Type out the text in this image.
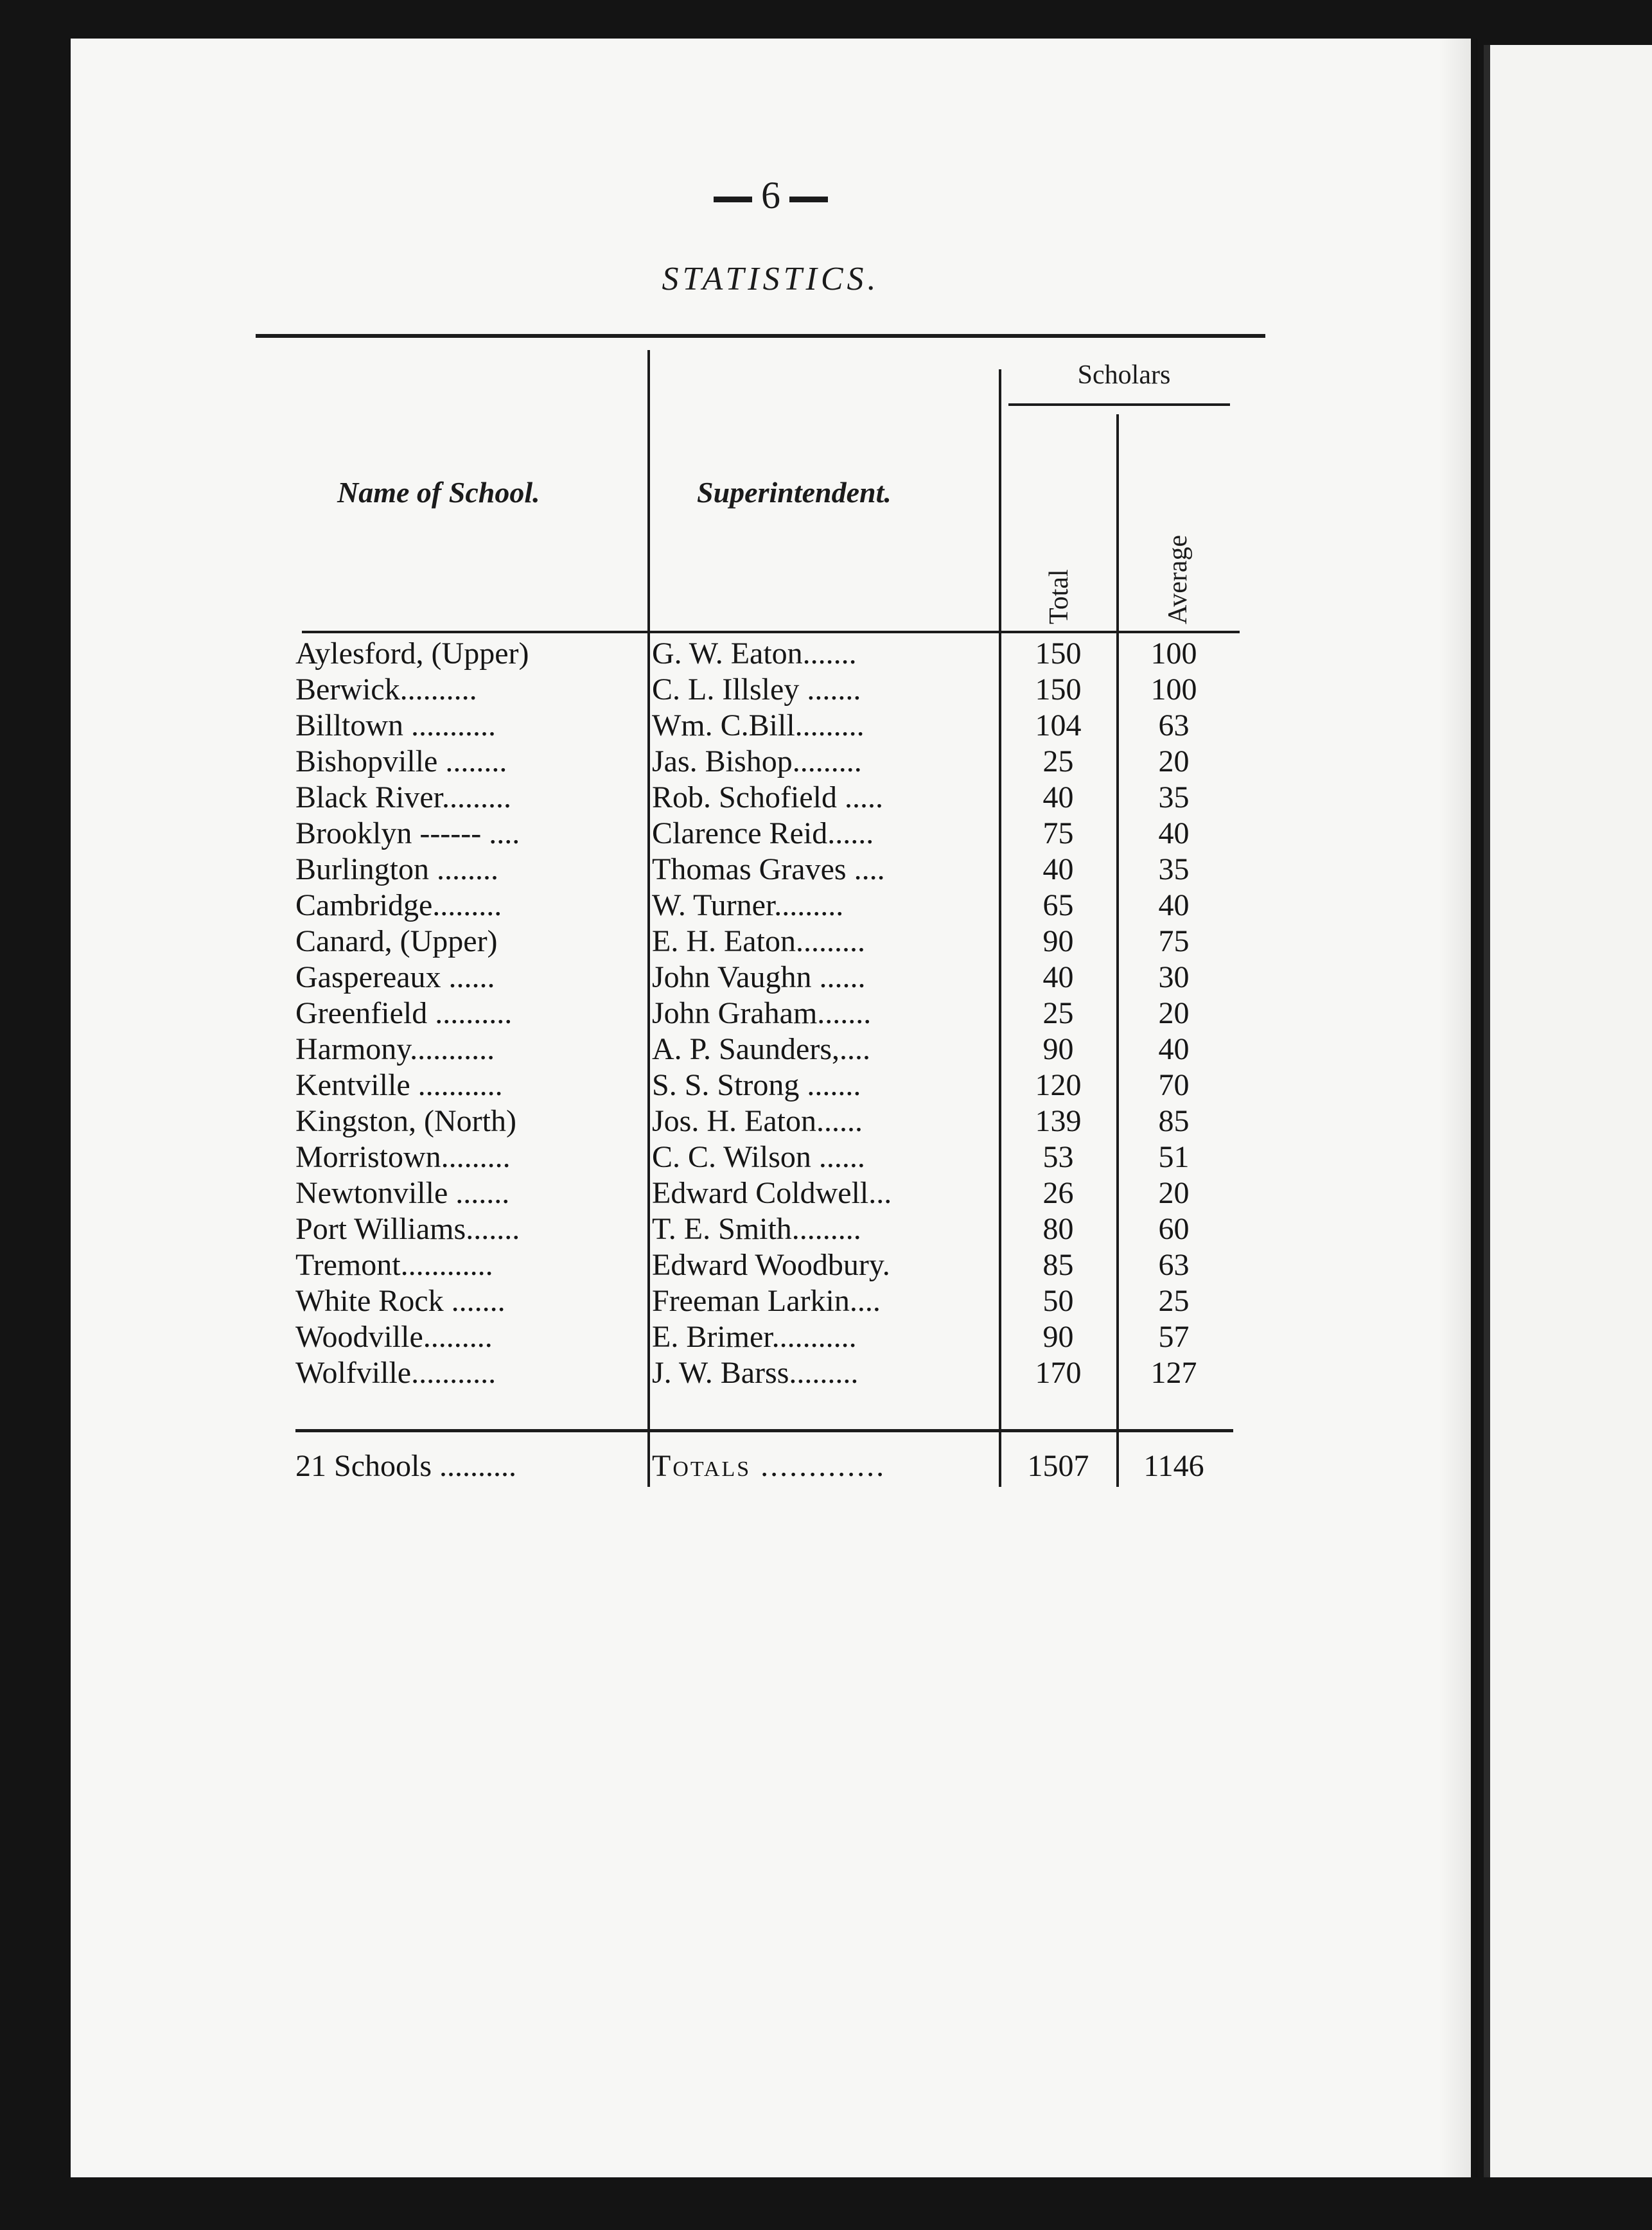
6
STATISTICS.
Name of School.	Superintendent.
Scholars
Total	Average
Aylesford, (Upper)	G. W. Eaton.......	150	100
Berwick..........	C. L. Illsley .......	150	100
Billtown ...........	Wm. C.Bill.........	104	63
Bishopville ........	Jas. Bishop.........	25	20
Black River.........	Rob. Schofield .....	40	35
Brooklyn ------ ....	Clarence Reid......	75	40
Burlington ........	Thomas Graves ....	40	35
Cambridge.........	W. Turner.........	65	40
Canard, (Upper)	E. H. Eaton.........	90	75
Gaspereaux ......	John Vaughn ......	40	30
Greenfield ..........	John Graham.......	25	20
Harmony...........	A. P. Saunders,....	90	40
Kentville ...........	S. S. Strong .......	120	70
Kingston, (North)	Jos. H. Eaton......	139	85
Morristown.........	C. C. Wilson ......	53	51
Newtonville .......	Edward Coldwell...	26	20
Port Williams.......	T. E. Smith.........	80	60
Tremont............	Edward Woodbury.	85	63
White Rock .......	Freeman Larkin....	50	25
Woodville.........	E. Brimer...........	90	57
Wolfville...........	J. W. Barss.........	170	127
21 Schools ..........	Totals .............	1507	1146
